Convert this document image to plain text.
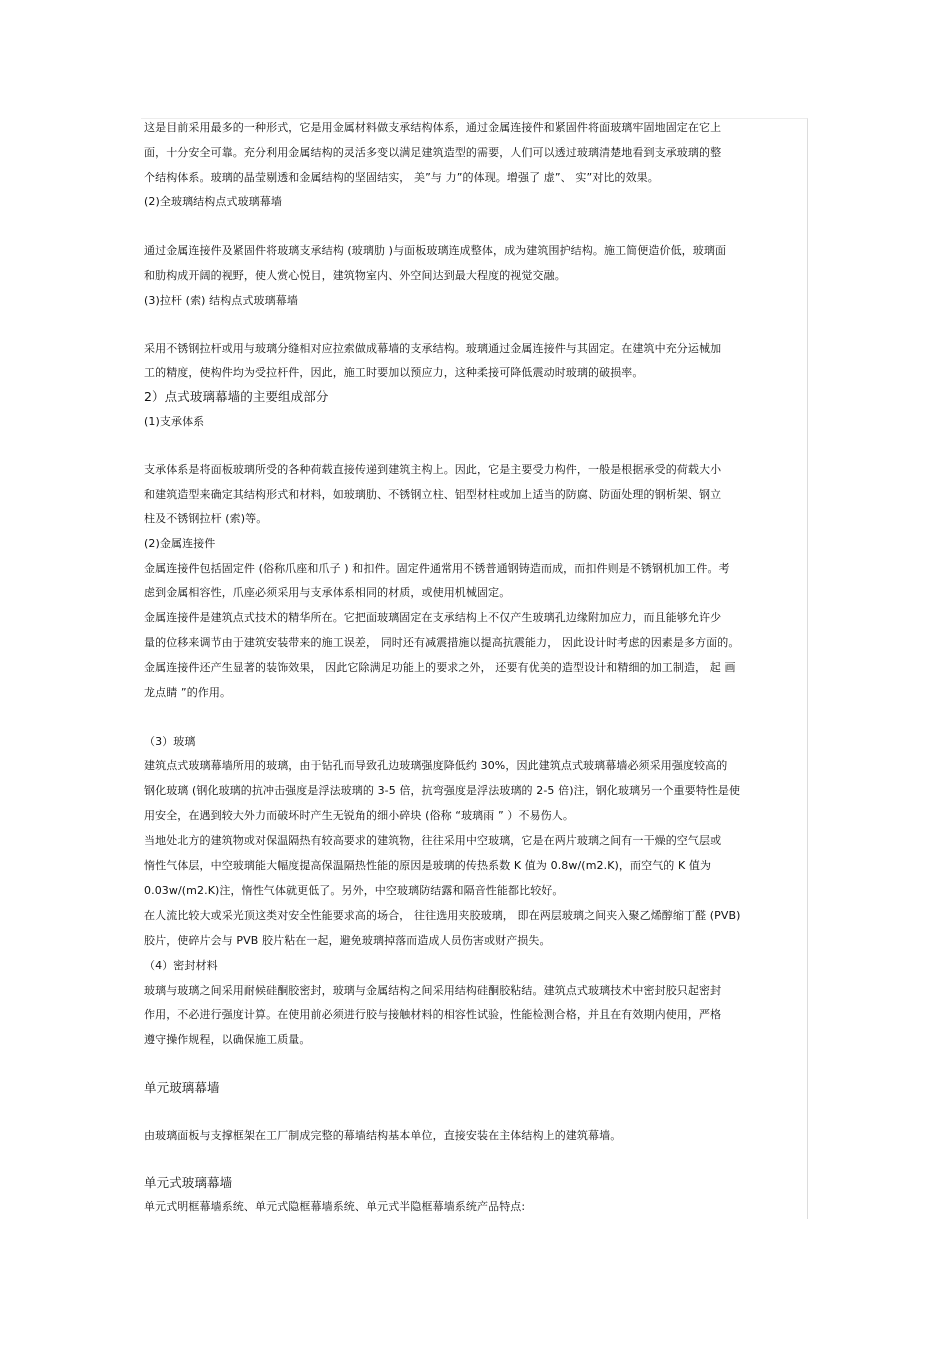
这是目前采用最多的一种形式，它是用金属材料做支承结构体系，通过金属连接件和紧固件将面玻璃牢固地固定在它上
面，十分安全可靠。充分利用金属结构的灵活多变以满足建筑造型的需要，人们可以透过玻璃清楚地看到支承玻璃的整
个结构体系。玻璃的晶莹剔透和金属结构的坚固结实， 美”与 力”的体现。增强了 虚”、 实”对比的效果。
(2)全玻璃结构点式玻璃幕墙
通过金属连接件及紧固件将玻璃支承结构 (玻璃肋 )与面板玻璃连成整体，成为建筑围护结构。施工简便造价低，玻璃面
和肋构成开阔的视野，使人赏心悦目，建筑物室内、外空间达到最大程度的视觉交融。
(3)拉杆 (索) 结构点式玻璃幕墙
采用不锈钢拉杆或用与玻璃分缝相对应拉索做成幕墙的支承结构。玻璃通过金属连接件与其固定。在建筑中充分运械加
工的精度，使构件均为受拉杆件，因此，施工时要加以预应力，这种柔接可降低震动时玻璃的破损率。
2）点式玻璃幕墙的主要组成部分
(1)支承体系
支承体系是将面板玻璃所受的各种荷载直接传递到建筑主构上。因此，它是主要受力构件，一般是根据承受的荷载大小
和建筑造型来确定其结构形式和材料，如玻璃肋、不锈钢立柱、铝型材柱或加上适当的防腐、防面处理的钢析架、钢立
柱及不锈钢拉杆 (索)等。
(2)金属连接件
金属连接件包括固定件 (俗称爪座和爪子 ) 和扣件。固定件通常用不锈普通钢铸造而成，而扣件则是不锈钢机加工件。考
虑到金属相容性，爪座必须采用与支承体系相同的材质，或使用机械固定。
金属连接件是建筑点式技术的精华所在。它把面玻璃固定在支承结构上不仅产生玻璃孔边缘附加应力，而且能够允许少
量的位移来调节由于建筑安装带来的施工误差， 同时还有减震措施以提高抗震能力， 因此设计时考虑的因素是多方面的。
金属连接件还产生显著的装饰效果， 因此它除满足功能上的要求之外， 还要有优美的造型设计和精细的加工制造， 起 画
龙点睛 ”的作用。
（3）玻璃
建筑点式玻璃幕墙所用的玻璃，由于钻孔而导致孔边玻璃强度降低约 30%，因此建筑点式玻璃幕墙必须采用强度较高的
钢化玻璃 (钢化玻璃的抗冲击强度是浮法玻璃的 3-5 倍，抗弯强度是浮法玻璃的 2-5 倍)注，钢化玻璃另一个重要特性是使
用安全，在遇到较大外力而破坏时产生无锐角的细小碎块 (俗称 “玻璃雨 ” ）不易伤人。
当地处北方的建筑物或对保温隔热有较高要求的建筑物，往往采用中空玻璃，它是在两片玻璃之间有一干燥的空气层或
惰性气体层，中空玻璃能大幅度提高保温隔热性能的原因是玻璃的传热系数 K 值为 0.8w/(m2.K)，而空气的 K 值为
0.03w/(m2.K)注，惰性气体就更低了。另外，中空玻璃防结露和隔音性能都比较好。
在人流比较大或采光顶这类对安全性能要求高的场合， 往往选用夹胶玻璃， 即在两层玻璃之间夹入聚乙烯醇缩丁醛 (PVB)
胶片，使碎片会与 PVB 胶片粘在一起，避免玻璃掉落而造成人员伤害或财产损失。
（4）密封材料
玻璃与玻璃之间采用耐候硅酮胶密封，玻璃与金属结构之间采用结构硅酮胶粘结。建筑点式玻璃技术中密封胶只起密封
作用，不必进行强度计算。在使用前必须进行胶与接触材料的相容性试验，性能检测合格，并且在有效期内使用，严格
遵守操作规程，以确保施工质量。
单元玻璃幕墙
由玻璃面板与支撑框架在工厂制成完整的幕墙结构基本单位，直接安装在主体结构上的建筑幕墙。
单元式玻璃幕墙
单元式明框幕墙系统、单元式隐框幕墙系统、单元式半隐框幕墙系统产品特点:
